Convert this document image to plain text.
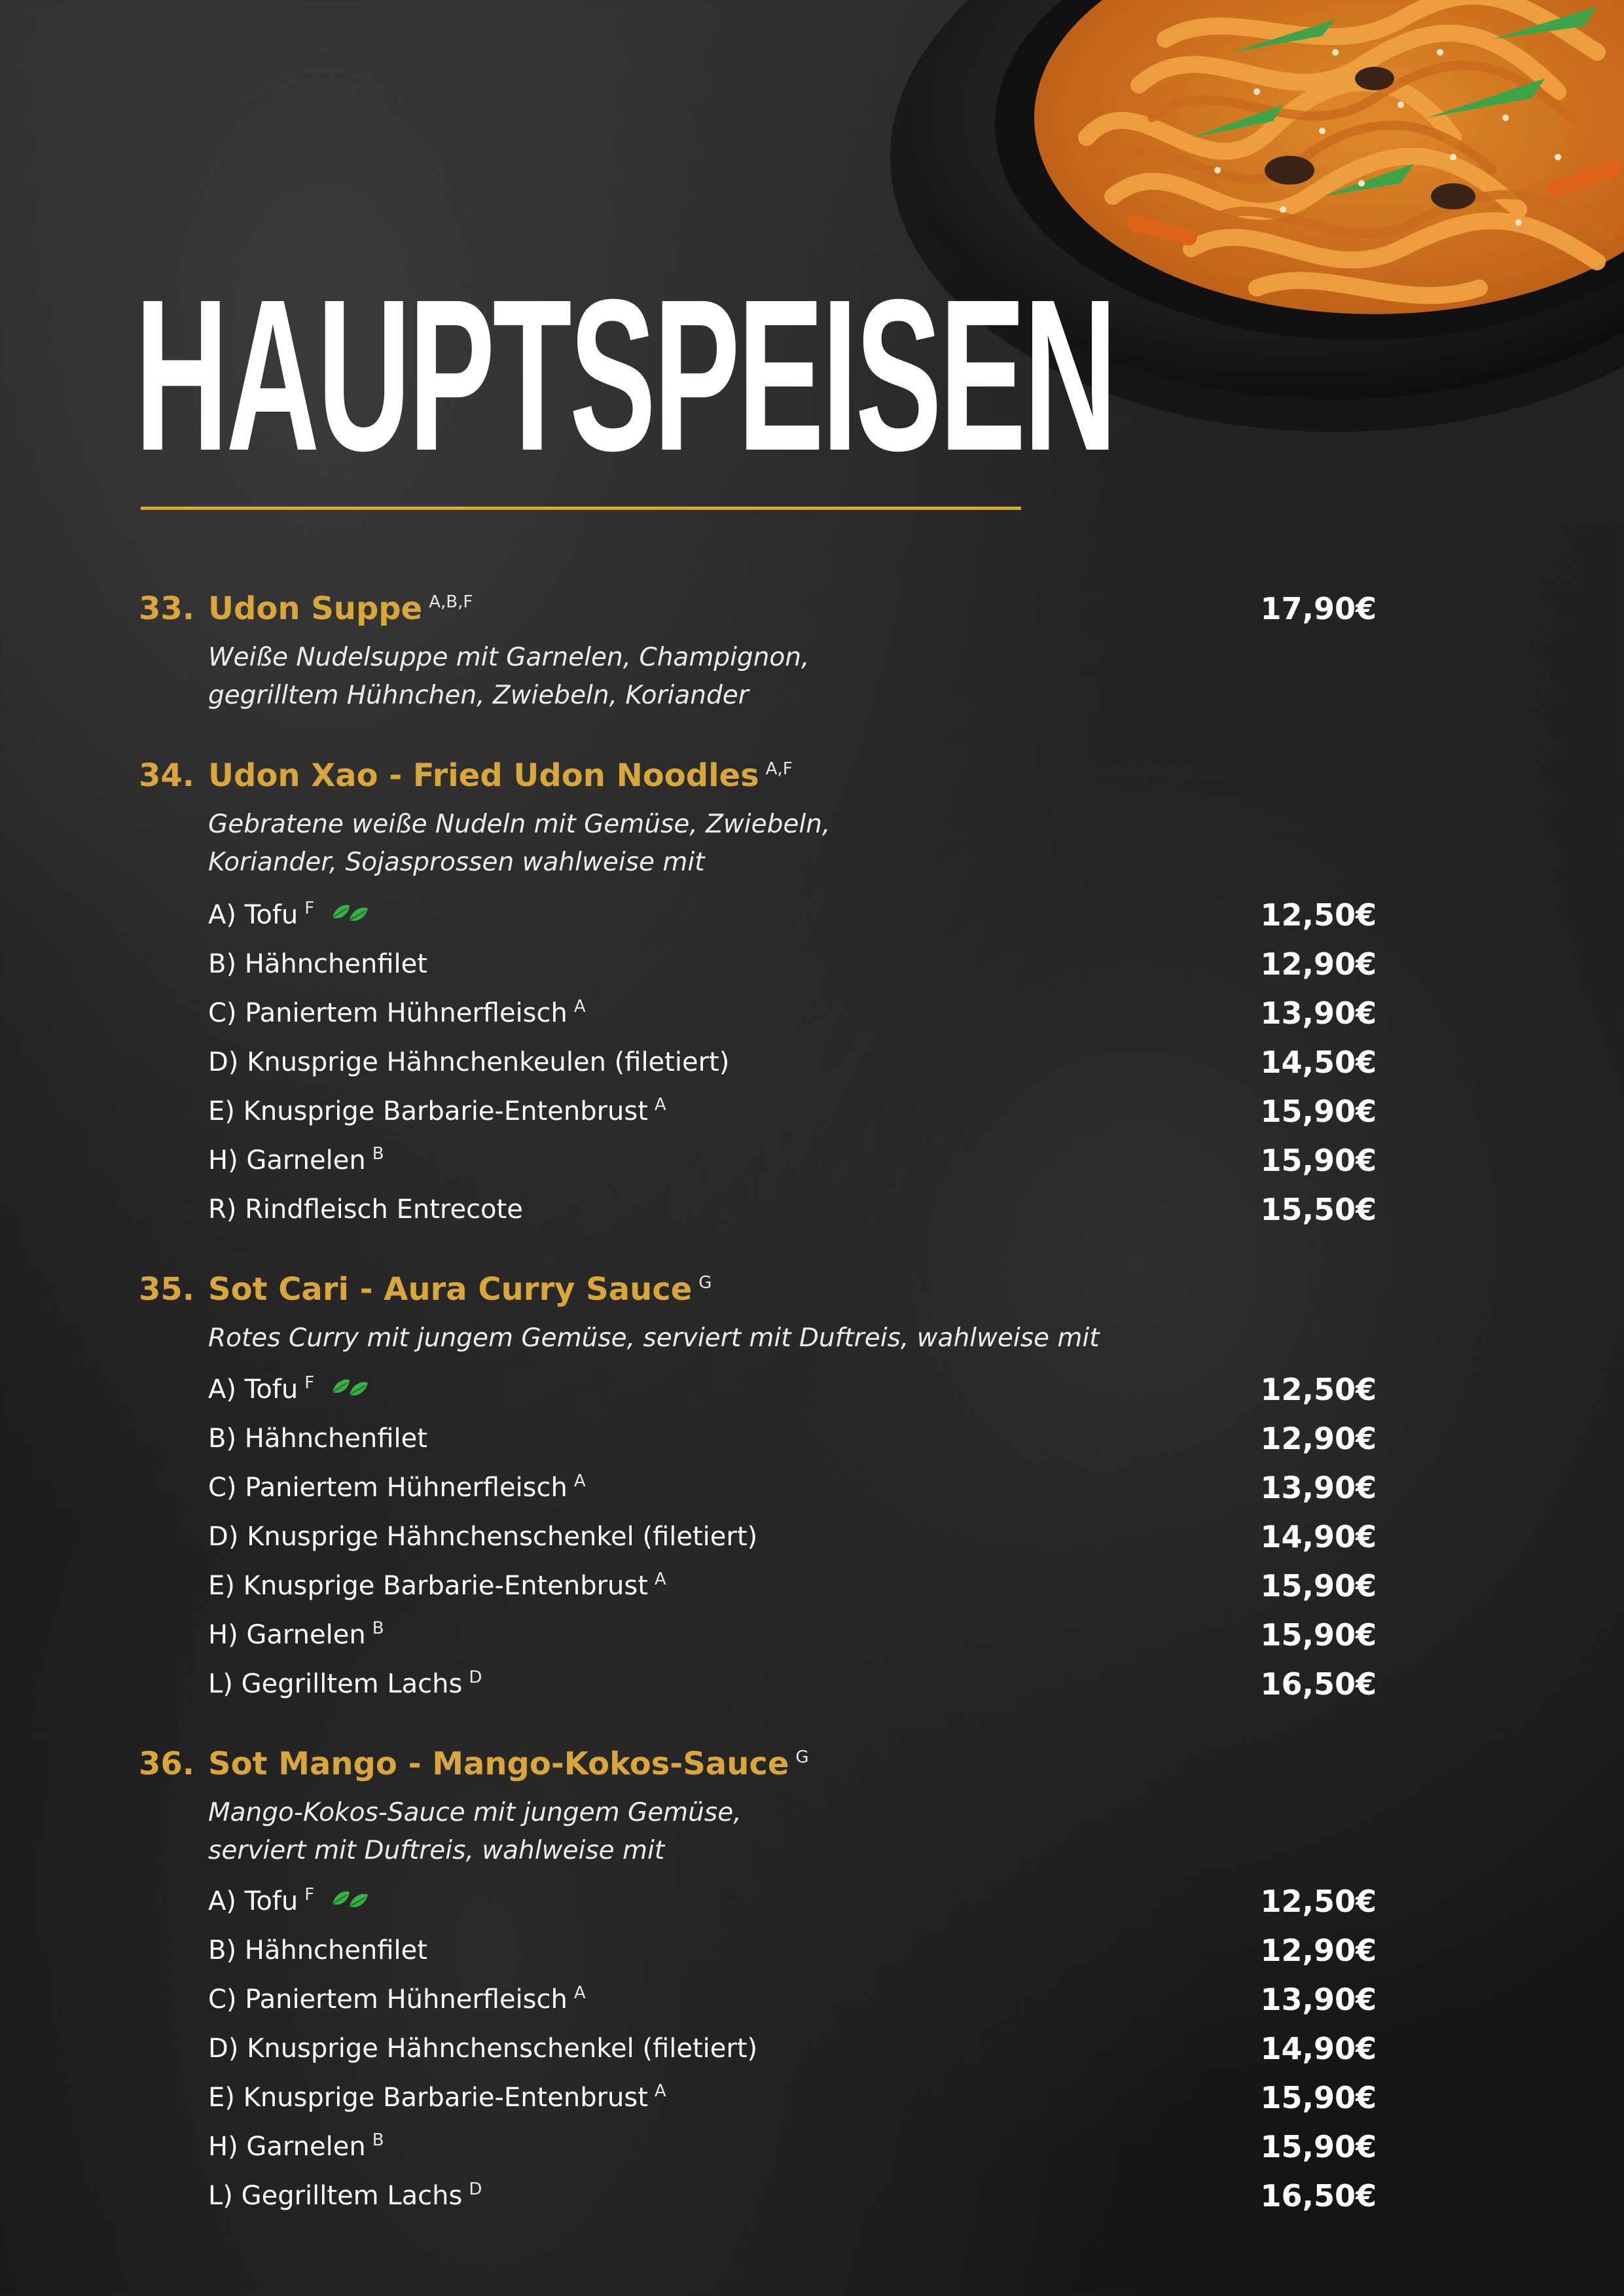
HAUPTSPEISEN
33. Udon Suppe $^{A,B,F}$	17,90€
Weiße Nudelsuppe mit Garnelen, Champignon,
gegrilltem Hühnchen, Zwiebeln, Koriander
34. Udon Xao - Fried Udon Noodles $^{A,F}$
Gebratene weiße Nudeln mit Gemüse, Zwiebeln,
Koriander, Sojasprossen wahlweise mit
A) Tofu $^F$	12,50€
B) Hähnchenfilet	12,90€
C) Paniertem Hühnerfleisch $^A$	13,90€
D) Knusprige Hähnchenkeulen (filetiert)	14,50€
E) Knusprige Barbarie-Entenbrust $^A$	15,90€
H) Garnelen $^B$	15,90€
R) Rindfleisch Entrecote	15,50€
35. Sot Cari - Aura Curry Sauce $^G$
Rotes Curry mit jungem Gemüse, serviert mit Duftreis, wahlweise mit
A) Tofu $^F$	12,50€
B) Hähnchenfilet	12,90€
C) Paniertem Hühnerfleisch $^A$	13,90€
D) Knusprige Hähnchenschenkel (filetiert)	14,90€
E) Knusprige Barbarie-Entenbrust $^A$	15,90€
H) Garnelen $^B$	15,90€
L) Gegrilltem Lachs $^D$	16,50€
36. Sot Mango - Mango-Kokos-Sauce $^G$
Mango-Kokos-Sauce mit jungem Gemüse,
serviert mit Duftreis, wahlweise mit
A) Tofu $^F$	12,50€
B) Hähnchenfilet	12,90€
C) Paniertem Hühnerfleisch $^A$	13,90€
D) Knusprige Hähnchenschenkel (filetiert)	14,90€
E) Knusprige Barbarie-Entenbrust $^A$	15,90€
H) Garnelen $^B$	15,90€
L) Gegrilltem Lachs $^D$	16,50€
